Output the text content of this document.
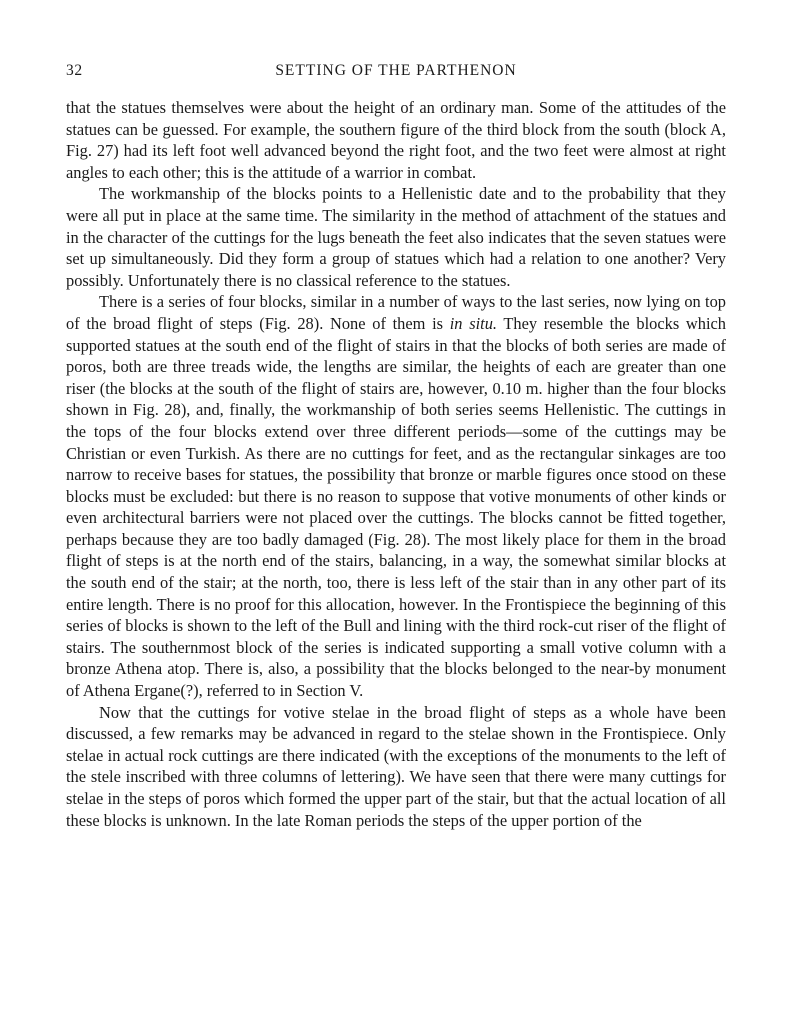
32	SETTING OF THE PARTHENON

that the statues themselves were about the height of an ordinary man. Some of the attitudes of the statues can be guessed. For example, the southern figure of the third block from the south (block A, Fig. 27) had its left foot well advanced beyond the right foot, and the two feet were almost at right angles to each other; this is the attitude of a warrior in combat.

The workmanship of the blocks points to a Hellenistic date and to the probability that they were all put in place at the same time. The similarity in the method of attachment of the statues and in the character of the cuttings for the lugs beneath the feet also indicates that the seven statues were set up simultaneously. Did they form a group of statues which had a relation to one another? Very possibly. Unfortunately there is no classical reference to the statues.

There is a series of four blocks, similar in a number of ways to the last series, now lying on top of the broad flight of steps (Fig. 28). None of them is in situ. They resemble the blocks which supported statues at the south end of the flight of stairs in that the blocks of both series are made of poros, both are three treads wide, the lengths are similar, the heights of each are greater than one riser (the blocks at the south of the flight of stairs are, however, 0.10 m. higher than the four blocks shown in Fig. 28), and, finally, the workmanship of both series seems Hellenistic. The cuttings in the tops of the four blocks extend over three different periods—some of the cuttings may be Christian or even Turkish. As there are no cuttings for feet, and as the rectangular sinkages are too narrow to receive bases for statues, the possibility that bronze or marble figures once stood on these blocks must be excluded: but there is no reason to suppose that votive monuments of other kinds or even architectural barriers were not placed over the cuttings. The blocks cannot be fitted together, perhaps because they are too badly damaged (Fig. 28). The most likely place for them in the broad flight of steps is at the north end of the stairs, balancing, in a way, the somewhat similar blocks at the south end of the stair; at the north, too, there is less left of the stair than in any other part of its entire length. There is no proof for this allocation, however. In the Frontispiece the beginning of this series of blocks is shown to the left of the Bull and lining with the third rock-cut riser of the flight of stairs. The southernmost block of the series is indicated supporting a small votive column with a bronze Athena atop. There is, also, a possibility that the blocks belonged to the near-by monument of Athena Ergane(?), referred to in Section V.

Now that the cuttings for votive stelae in the broad flight of steps as a whole have been discussed, a few remarks may be advanced in regard to the stelae shown in the Frontispiece. Only stelae in actual rock cuttings are there indicated (with the exceptions of the monuments to the left of the stele inscribed with three columns of lettering). We have seen that there were many cuttings for stelae in the steps of poros which formed the upper part of the stair, but that the actual location of all these blocks is unknown. In the late Roman periods the steps of the upper portion of the
